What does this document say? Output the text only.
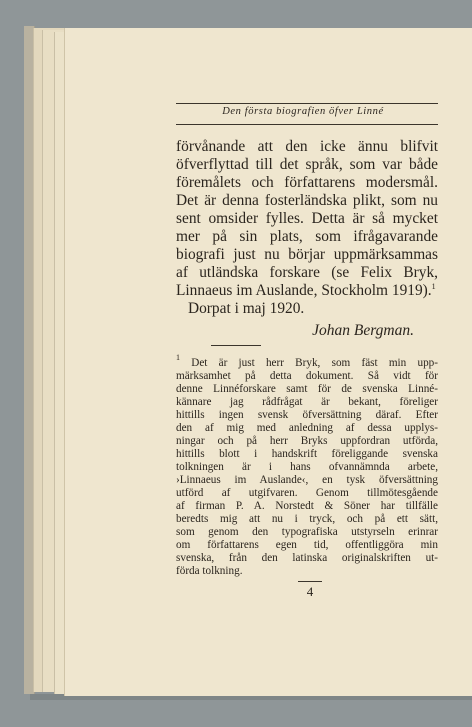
Den första biografien öfver Linné
förvånande att den icke ännu blifvit
öfverflyttad till det språk, som var både
föremålets och författarens modersmål.
Det är denna fosterländska plikt, som nu
sent omsider fylles. Detta är så mycket
mer på sin plats, som ifrågavarande
biografi just nu börjar uppmärksammas
af utländska forskare (se Felix Bryk,
Linnaeus im Auslande, Stockholm 1919).$^1$
Dorpat i maj 1920.
Johan Bergman.
$^1$ Det är just herr Bryk, som fäst min upp-
märksamhet på detta dokument. Så vidt för
denne Linnéforskare samt för de svenska Linné-
kännare jag rådfrågat är bekant, föreliger
hittills ingen svensk öfversättning däraf. Efter
den af mig med anledning af dessa upplys-
ningar och på herr Bryks uppfordran utförda,
hittills blott i handskrift föreliggande svenska
tolkningen är i hans ofvannämnda arbete,
›Linnaeus im Auslande‹, en tysk öfversättning
utförd af utgifvaren. Genom tillmötesgående
af firman P. A. Norstedt & Söner har tillfälle
beredts mig att nu i tryck, och på ett sätt,
som genom den typografiska utstyrseln erinrar
om författarens egen tid, offentliggöra min
svenska, från den latinska originalskriften ut-
förda tolkning.
4
